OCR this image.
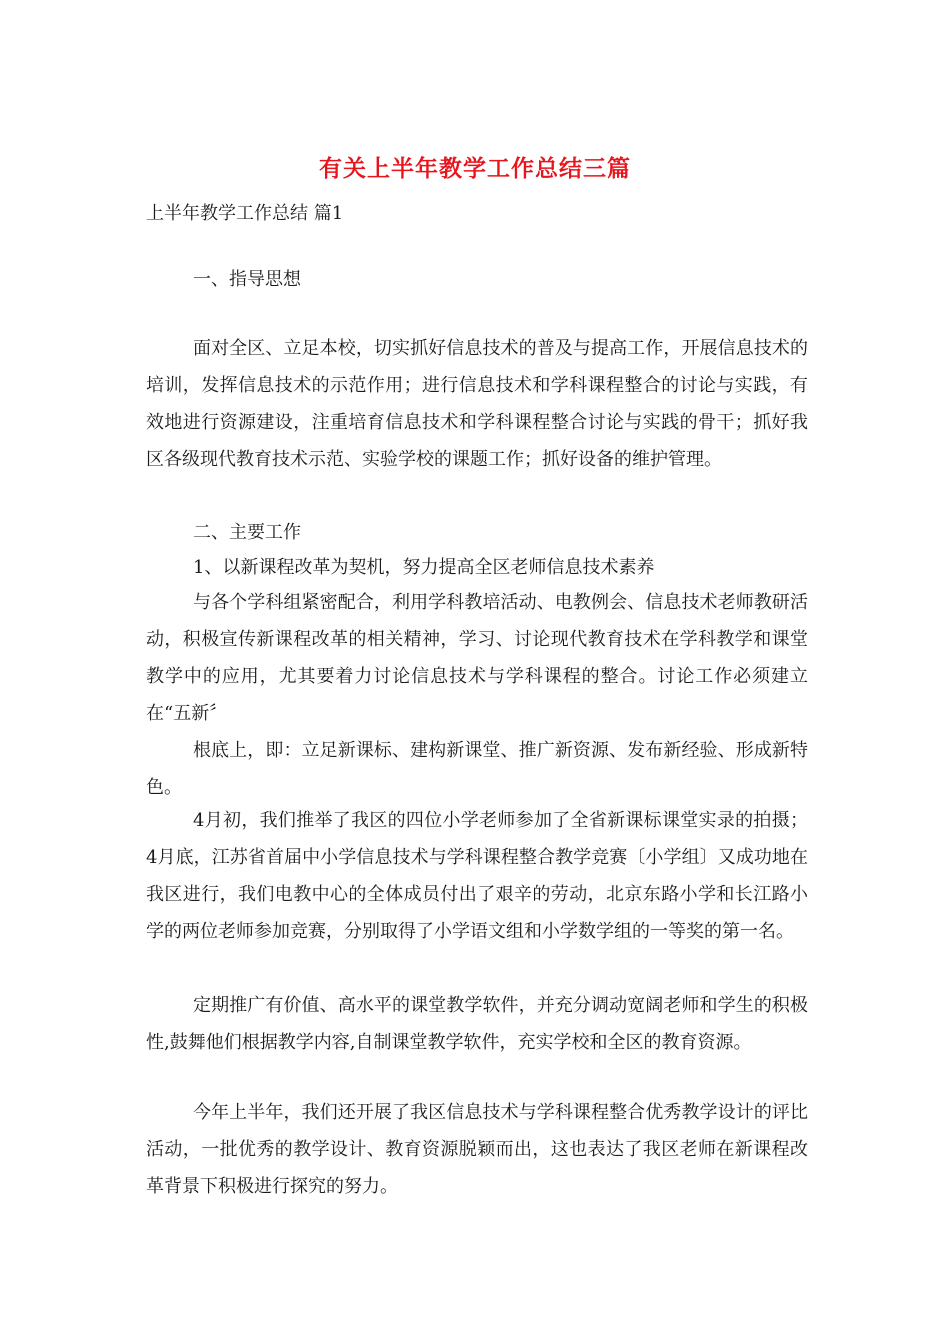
有关上半年教学工作总结三篇
上半年教学工作总结 篇1
一、指导思想

面对全区、立足本校，切实抓好信息技术的普及与提高工作，开展信息技术的培训，发挥信息技术的示范作用；进行信息技术和学科课程整合的讨论与实践，有效地进行资源建设，注重培育信息技术和学科课程整合讨论与实践的骨干；抓好我区各级现代教育技术示范、实验学校的课题工作；抓好设备的维护管理。

二、主要工作
1、以新课程改革为契机，努力提高全区老师信息技术素养

与各个学科组紧密配合，利用学科教培活动、电教例会、信息技术老师教研活动，积极宣传新课程改革的相关精神，学习、讨论现代教育技术在学科教学和课堂教学中的应用，尤其要着力讨论信息技术与学科课程的整合。讨论工作必须建立在“五新〞

根底上，即：立足新课标、建构新课堂、推广新资源、发布新经验、形成新特色。

4月初，我们推举了我区的四位小学老师参加了全省新课标课堂实录的拍摄；4月底，江苏省首届中小学信息技术与学科课程整合教学竞赛〔小学组〕又成功地在我区进行，我们电教中心的全体成员付出了艰辛的劳动，北京东路小学和长江路小学的两位老师参加竞赛，分别取得了小学语文组和小学数学组的一等奖的第一名。

定期推广有价值、高水平的课堂教学软件，并充分调动宽阔老师和学生的积极性,鼓舞他们根据教学内容,自制课堂教学软件，充实学校和全区的教育资源。

今年上半年，我们还开展了我区信息技术与学科课程整合优秀教学设计的评比活动，一批优秀的教学设计、教育资源脱颖而出，这也表达了我区老师在新课程改革背景下积极进行探究的努力。
